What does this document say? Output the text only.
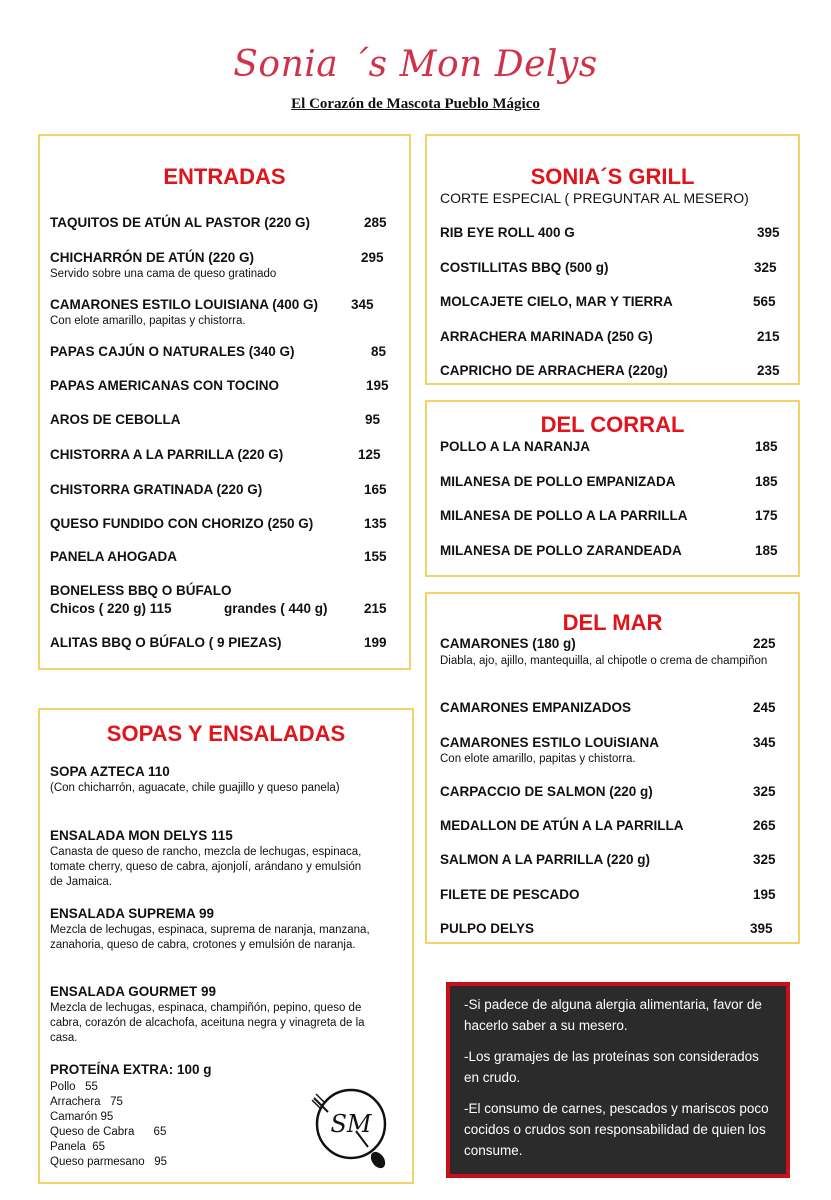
Sonia ´s Mon Delys
El Corazón de Mascota Pueblo Mágico
ENTRADAS
TAQUITOS DE ATÚN AL PASTOR (220 G)	285
CHICHARRÓN DE ATÚN (220 G)	295
Servido sobre una cama de queso gratinado
CAMARONES ESTILO LOUISIANA (400 G) 345
Con elote amarillo, papitas y chistorra.
PAPAS CAJÚN O NATURALES (340 G)	85
PAPAS AMERICANAS CON TOCINO	195
AROS DE CEBOLLA	95
CHISTORRA A LA PARRILLA (220 G)	125
CHISTORRA GRATINADA (220 G)	165
QUESO FUNDIDO CON CHORIZO (250 G)	135
PANELA AHOGADA	155
BONELESS BBQ O BÚFALO
Chicos ( 220 g) 115	grandes ( 440 g)	215
ALITAS BBQ O BÚFALO ( 9 PIEZAS)	199
SONIA´S GRILL
CORTE ESPECIAL ( PREGUNTAR AL MESERO)
RIB EYE ROLL 400 G	395
COSTILLITAS BBQ (500 g)	325
MOLCAJETE CIELO, MAR Y TIERRA	565
ARRACHERA MARINADA (250 G)	215
CAPRICHO DE ARRACHERA (220g)	235
DEL CORRAL
POLLO A LA NARANJA	185
MILANESA DE POLLO EMPANIZADA	185
MILANESA DE POLLO A LA PARRILLA	175
MILANESA DE POLLO ZARANDEADA	185
DEL MAR
CAMARONES (180 g)	225
Diabla, ajo, ajillo, mantequilla, al chipotle o crema de champiñon
CAMARONES EMPANIZADOS	245
CAMARONES ESTILO LOUiSIANA	345
Con elote amarillo, papitas y chistorra.
CARPACCIO DE SALMON (220 g)	325
MEDALLON DE ATÚN A LA PARRILLA	265
SALMON A LA PARRILLA (220 g)	325
FILETE DE PESCADO	195
PULPO DELYS	395
SOPAS Y ENSALADAS
SOPA AZTECA 110
(Con chicharrón, aguacate, chile guajillo y queso panela)
ENSALADA MON DELYS 115
Canasta de queso de rancho, mezcla de lechugas, espinaca, tomate cherry, queso de cabra, ajonjolí, arándano y emulsión de Jamaica.
ENSALADA SUPREMA 99
Mezcla de lechugas, espinaca, suprema de naranja, manzana, zanahoria, queso de cabra, crotones y emulsión de naranja.
ENSALADA GOURMET 99
Mezcla de lechugas, espinaca, champiñón, pepino, queso de cabra, corazón de alcachofa, aceituna negra y vinagreta de la casa.
PROTEÍNA EXTRA: 100 g
Pollo   55
Arrachera   75
Camarón 95
Queso de Cabra      65
Panela  65
Queso parmesano   95
SM

-Si padece de alguna alergia alimentaria, favor de hacerlo saber a su mesero.

-Los gramajes de las proteínas son considerados en crudo.

-El consumo de carnes, pescados y mariscos poco cocidos o crudos son responsabilidad de quien los consume.
